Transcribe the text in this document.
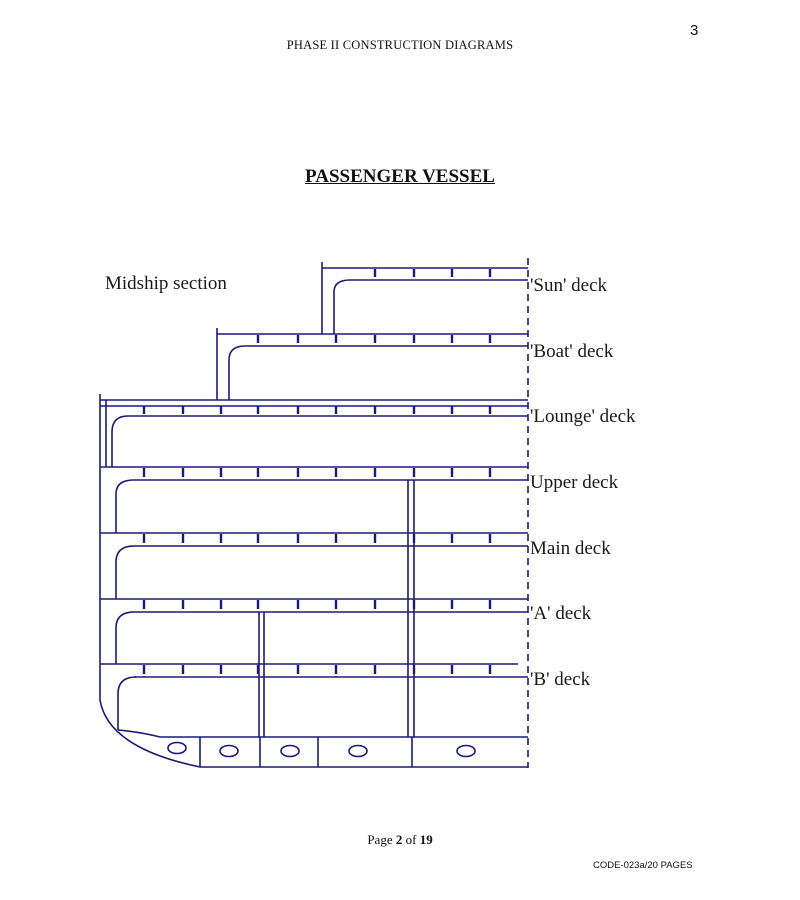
3
PHASE II CONSTRUCTION DIAGRAMS
PASSENGER VESSEL
Midship section	'Sun' deck
'Boat' deck
'Lounge' deck
Upper deck
Main deck
'A' deck
'B' deck
Page 2 of 19
CODE-023a/20 PAGES
